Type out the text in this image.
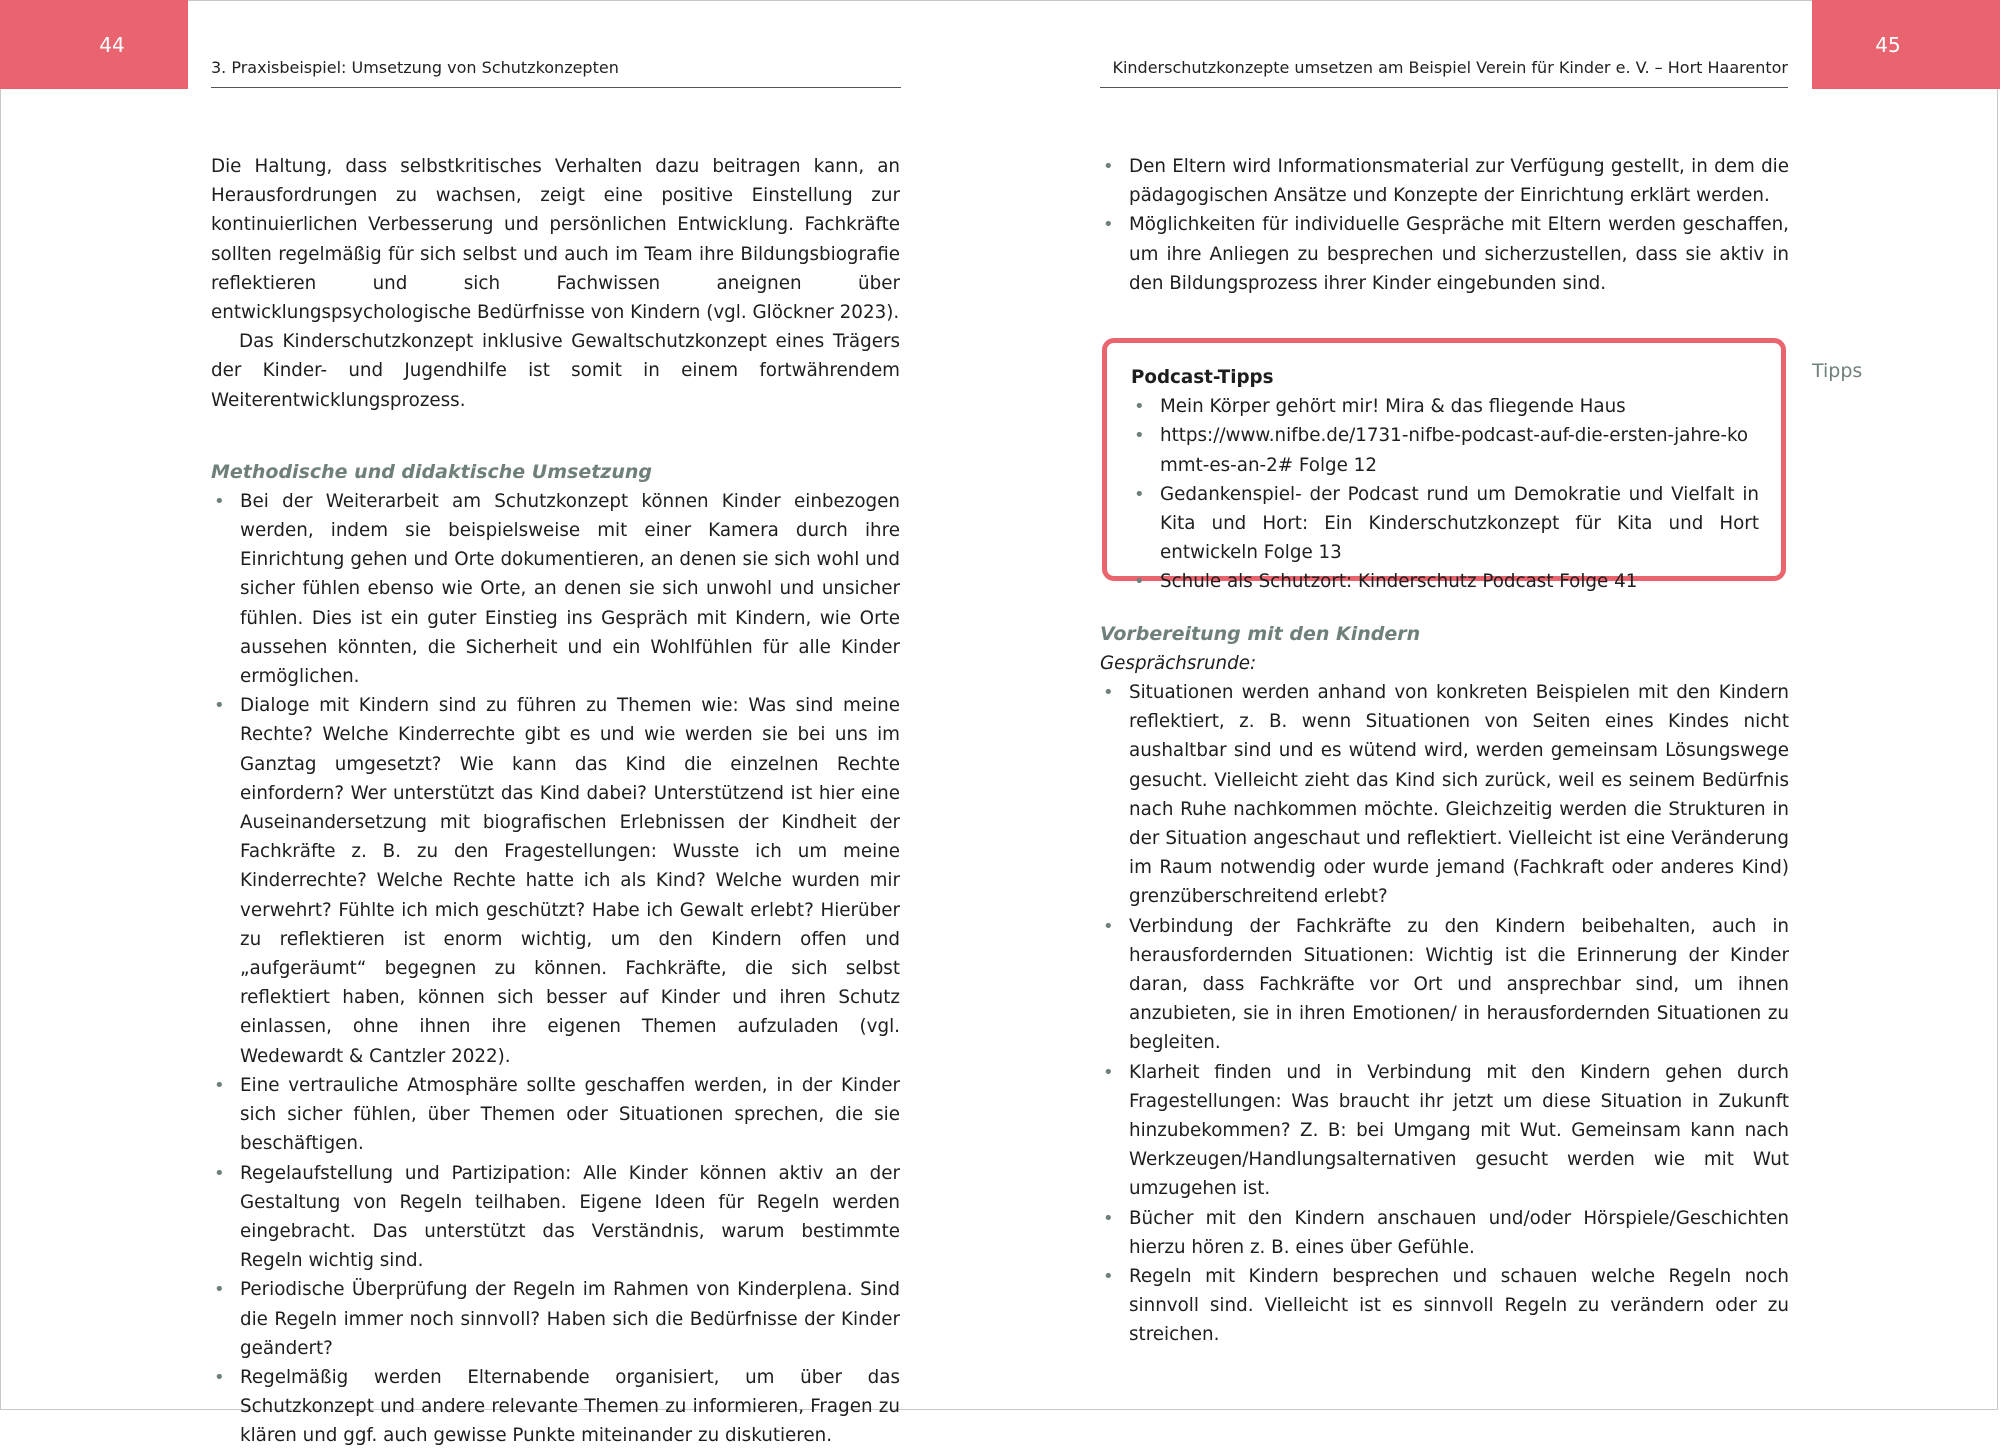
44
3. Praxisbeispiel: Umsetzung von Schutzkonzepten
45
Kinderschutzkonzepte umsetzen am Beispiel Verein für Kinder e. V. – Hort Haarentor

Die Haltung, dass selbstkritisches Verhalten dazu beitragen kann, an Herausfordrungen zu wachsen, zeigt eine positive Einstellung zur kontinuierlichen Verbesserung und persönlichen Entwicklung. Fachkräfte sollten regelmäßig für sich selbst und auch im Team ihre Bildungsbiografie reflektieren und sich Fachwissen aneignen über entwicklungspsychologische Bedürfnisse von Kindern (vgl. Glöckner 2023).

Das Kinderschutzkonzept inklusive Gewaltschutzkonzept eines Trägers der Kinder- und Jugendhilfe ist somit in einem fortwährendem Weiterentwicklungsprozess.

Methodische und didaktische Umsetzung
• Bei der Weiterarbeit am Schutzkonzept können Kinder einbezogen werden, indem sie beispielsweise mit einer Kamera durch ihre Einrichtung gehen und Orte dokumentieren, an denen sie sich wohl und sicher fühlen ebenso wie Orte, an denen sie sich unwohl und unsicher fühlen. Dies ist ein guter Einstieg ins Gespräch mit Kindern, wie Orte aussehen könnten, die Sicherheit und ein Wohlfühlen für alle Kinder ermöglichen.
• Dialoge mit Kindern sind zu führen zu Themen wie: Was sind meine Rechte? Welche Kinderrechte gibt es und wie werden sie bei uns im Ganztag umgesetzt? Wie kann das Kind die einzelnen Rechte einfordern? Wer unterstützt das Kind dabei? Unterstützend ist hier eine Auseinandersetzung mit biografischen Erlebnissen der Kindheit der Fachkräfte z. B. zu den Fragestellungen: Wusste ich um meine Kinderrechte? Welche Rechte hatte ich als Kind? Welche wurden mir verwehrt? Fühlte ich mich geschützt? Habe ich Gewalt erlebt? Hierüber zu reflektieren ist enorm wichtig, um den Kindern offen und „aufgeräumt“ begegnen zu können. Fachkräfte, die sich selbst reflektiert haben, können sich besser auf Kinder und ihren Schutz einlassen, ohne ihnen ihre eigenen Themen aufzuladen (vgl. Wedewardt & Cantzler 2022).
• Eine vertrauliche Atmosphäre sollte geschaffen werden, in der Kinder sich sicher fühlen, über Themen oder Situationen sprechen, die sie beschäftigen.
• Regelaufstellung und Partizipation: Alle Kinder können aktiv an der Gestaltung von Regeln teilhaben. Eigene Ideen für Regeln werden eingebracht. Das unterstützt das Verständnis, warum bestimmte Regeln wichtig sind.
• Periodische Überprüfung der Regeln im Rahmen von Kinderplena. Sind die Regeln immer noch sinnvoll? Haben sich die Bedürfnisse der Kinder geändert?
• Regelmäßig werden Elternabende organisiert, um über das Schutzkonzept und andere relevante Themen zu informieren, Fragen zu klären und ggf. auch gewisse Punkte miteinander zu diskutieren.
• Den Eltern wird Informationsmaterial zur Verfügung gestellt, in dem die pädagogischen Ansätze und Konzepte der Einrichtung erklärt werden.
• Möglichkeiten für individuelle Gespräche mit Eltern werden geschaffen, um ihre Anliegen zu besprechen und sicherzustellen, dass sie aktiv in den Bildungsprozess ihrer Kinder eingebunden sind.
Podcast-Tipps
• Mein Körper gehört mir! Mira & das fliegende Haus
• https://www.nifbe.de/1731-nifbe-podcast-auf-die-ersten-jahre-kommt-es-an-2# Folge 12
• Gedankenspiel- der Podcast rund um Demokratie und Vielfalt in Kita und Hort: Ein Kinderschutzkonzept für Kita und Hort entwickeln Folge 13
• Schule als Schutzort: Kinderschutz Podcast Folge 41
Tipps
Vorbereitung mit den Kindern
Gesprächsrunde:
• Situationen werden anhand von konkreten Beispielen mit den Kindern reflektiert, z. B. wenn Situationen von Seiten eines Kindes nicht aushaltbar sind und es wütend wird, werden gemeinsam Lösungswege gesucht. Vielleicht zieht das Kind sich zurück, weil es seinem Bedürfnis nach Ruhe nachkommen möchte. Gleichzeitig werden die Strukturen in der Situation angeschaut und reflektiert. Vielleicht ist eine Veränderung im Raum notwendig oder wurde jemand (Fachkraft oder anderes Kind) grenzüberschreitend erlebt?
• Verbindung der Fachkräfte zu den Kindern beibehalten, auch in herausfordernden Situationen: Wichtig ist die Erinnerung der Kinder daran, dass Fachkräfte vor Ort und ansprechbar sind, um ihnen anzubieten, sie in ihren Emotionen/ in herausfordernden Situationen zu begleiten.
• Klarheit finden und in Verbindung mit den Kindern gehen durch Fragestellungen: Was braucht ihr jetzt um diese Situation in Zukunft hinzubekommen? Z. B: bei Umgang mit Wut. Gemeinsam kann nach Werkzeugen/Handlungsalternativen gesucht werden wie mit Wut umzugehen ist.
• Bücher mit den Kindern anschauen und/oder Hörspiele/Geschichten hierzu hören z. B. eines über Gefühle.
• Regeln mit Kindern besprechen und schauen welche Regeln noch sinnvoll sind. Vielleicht ist es sinnvoll Regeln zu verändern oder zu streichen.
